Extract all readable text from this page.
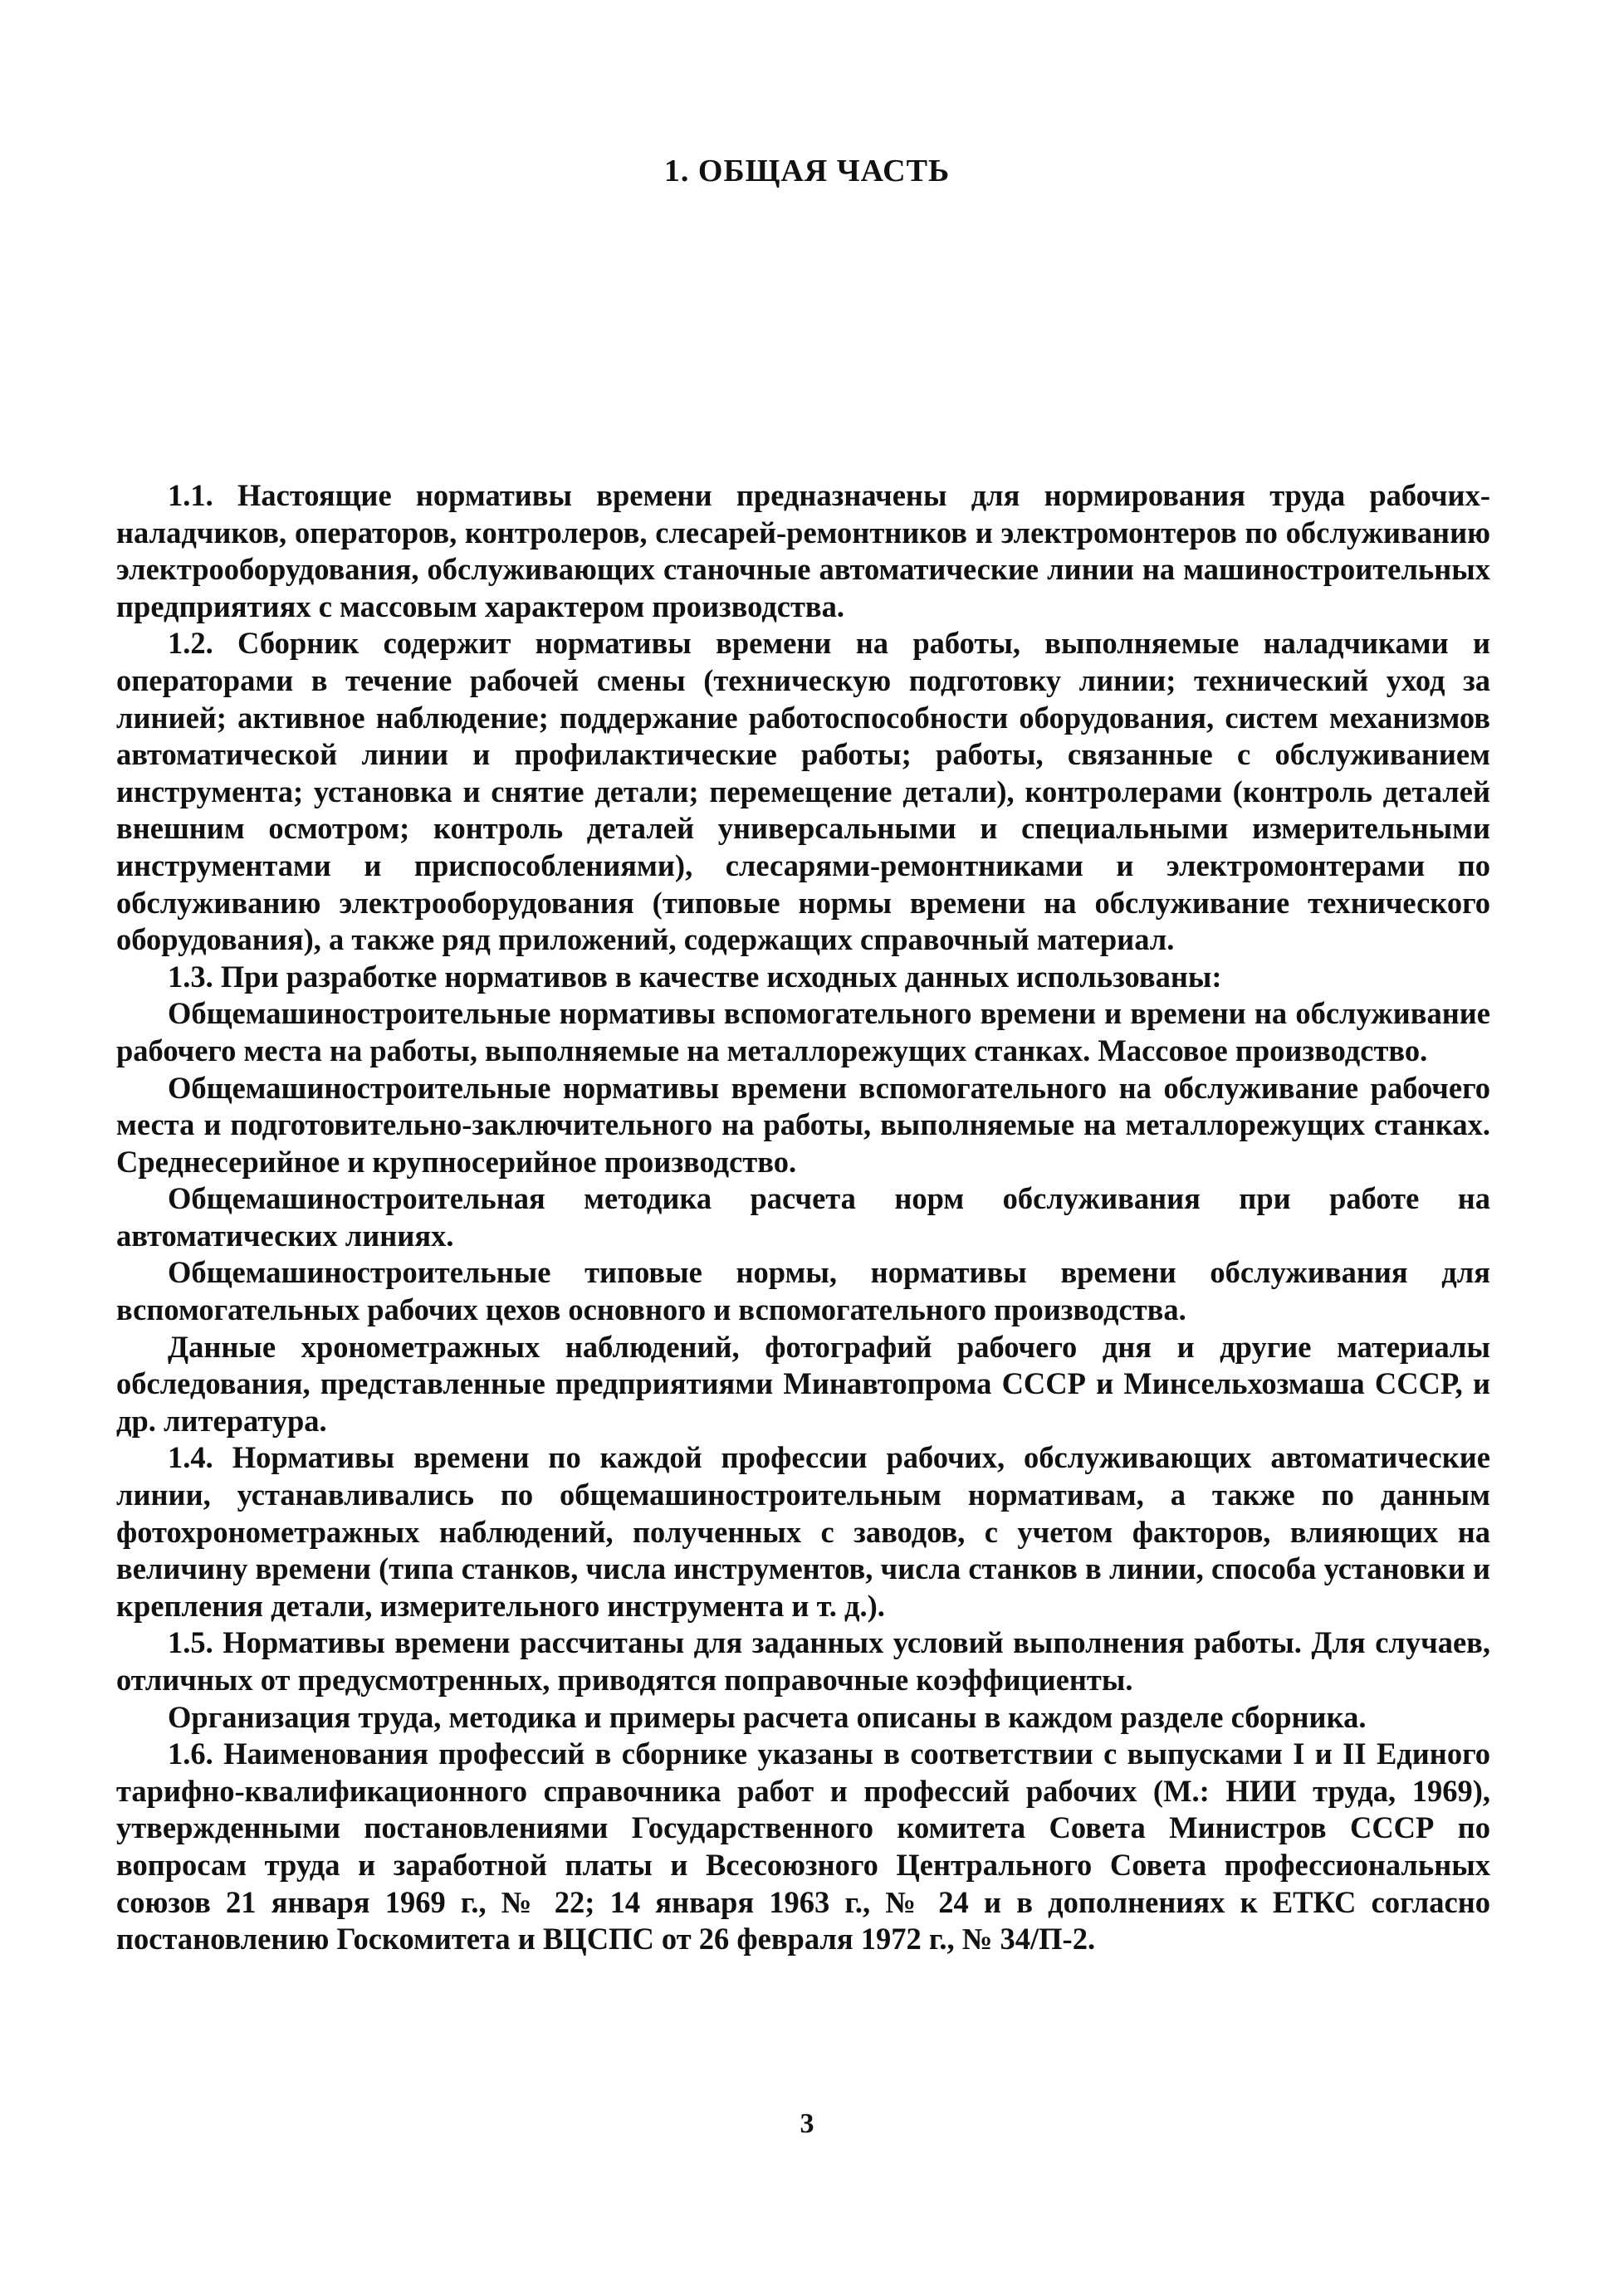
1. ОБЩАЯ ЧАСТЬ

1.1. Настоящие нормативы времени предназначены для нормирования труда рабочих-наладчиков, операторов, контролеров, слесарей-ремонтников и электромонтеров по обслуживанию электрооборудования, обслуживающих станочные автоматические линии на машиностроительных предприятиях с массовым характером производства.

1.2. Сборник содержит нормативы времени на работы, выполняемые наладчиками и операторами в течение рабочей смены (техническую подготовку линии; технический уход за линией; активное наблюдение; поддержание работоспособности оборудования, систем механизмов автоматической линии и профилактические работы; работы, связанные с обслуживанием инструмента; установка и снятие детали; перемещение детали), контролерами (контроль деталей внешним осмотром; контроль деталей универсальными и специальными измерительными инструментами и приспособлениями), слесарями-ремонтниками и электромонтерами по обслуживанию электрооборудования (типовые нормы времени на обслуживание технического оборудования), а также ряд приложений, содержащих справочный материал.

1.3. При разработке нормативов в качестве исходных данных использованы:

Общемашиностроительные нормативы вспомогательного времени и времени на обслуживание рабочего места на работы, выполняемые на металлорежущих станках. Массовое производство.

Общемашиностроительные нормативы времени вспомогательного на обслуживание рабочего места и подготовительно-заключительного на работы, выполняемые на металлорежущих станках. Среднесерийное и крупносерийное производство.

Общемашиностроительная методика расчета норм обслуживания при работе на автоматических линиях.

Общемашиностроительные типовые нормы, нормативы времени обслуживания для вспомогательных рабочих цехов основного и вспомогательного производства.

Данные хронометражных наблюдений, фотографий рабочего дня и другие материалы обследования, представленные предприятиями Минавтопрома СССР и Минсельхозмаша СССР, и др. литература.

1.4. Нормативы времени по каждой профессии рабочих, обслуживающих автоматические линии, устанавливались по общемашиностроительным нормативам, а также по данным фотохронометражных наблюдений, полученных с заводов, с учетом факторов, влияющих на величину времени (типа станков, числа инструментов, числа станков в линии, способа установки и крепления детали, измерительного инструмента и т. д.).

1.5. Нормативы времени рассчитаны для заданных условий выполнения работы. Для случаев, отличных от предусмотренных, приводятся поправочные коэффициенты.

Организация труда, методика и примеры расчета описаны в каждом разделе сборника.

1.6. Наименования профессий в сборнике указаны в соответствии с выпусками I и II Единого тарифно-квалификационного справочника работ и профессий рабочих (М.: НИИ труда, 1969), утвержденными постановлениями Государственного комитета Совета Министров СССР по вопросам труда и заработной платы и Всесоюзного Центрального Совета профессиональных союзов 21 января 1969 г., № 22; 14 января 1963 г., № 24 и в дополнениях к ЕТКС согласно постановлению Госкомитета и ВЦСПС от 26 февраля 1972 г., № 34/П-2.

3
